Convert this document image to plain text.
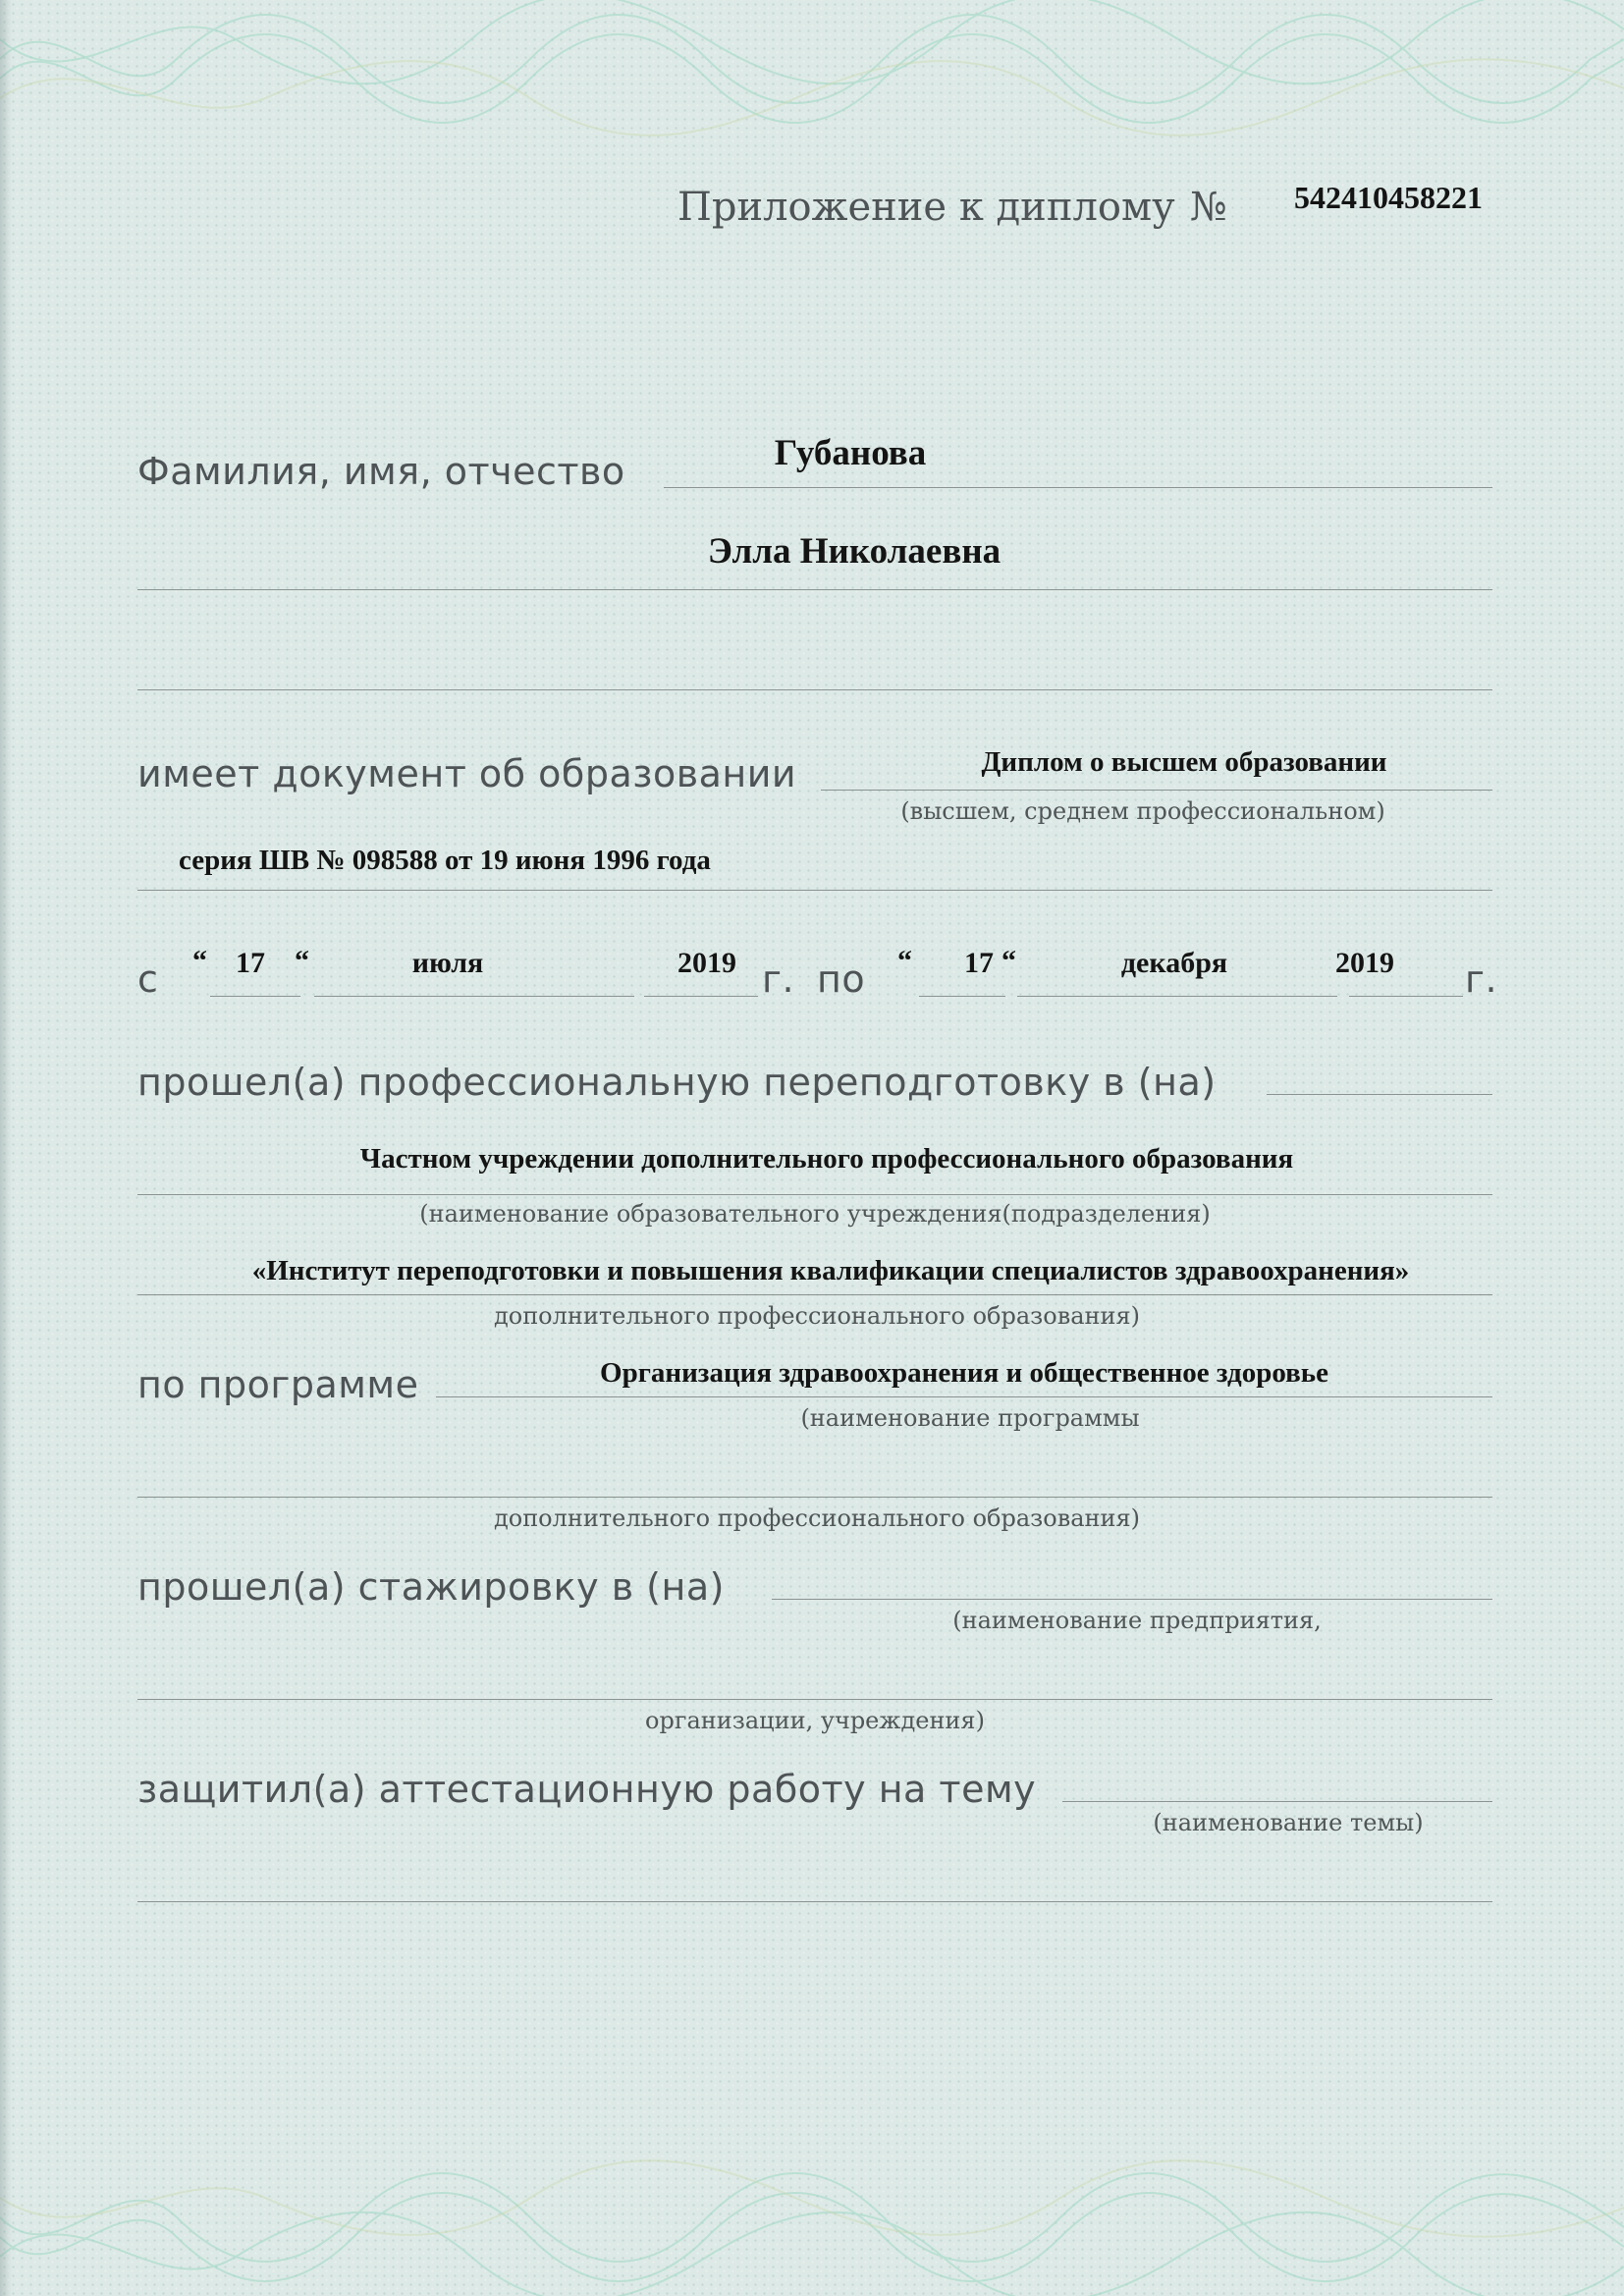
Приложение к диплому № 542410458221
Фамилия, имя, отчество	Губанова
Элла Николаевна
имеет документ об образовании	Диплом о высшем образовании
(высшем, среднем профессиональном)
серия ШВ № 098588 от 19 июня 1996 года
с “ 17 “	июля	2019 г. по “ 17 “	декабря	2019 г.
прошел(а) профессиональную переподготовку в (на)
Частном учреждении дополнительного профессионального образования
(наименование образовательного учреждения(подразделения)
«Институт переподготовки и повышения квалификации специалистов здравоохранения»
дополнительного профессионального образования)
по программе	Организация здравоохранения и общественное здоровье
(наименование программы
дополнительного профессионального образования)
прошел(а) стажировку в (на)
(наименование предприятия,
организации, учреждения)
защитил(а) аттестационную работу на тему
(наименование темы)
